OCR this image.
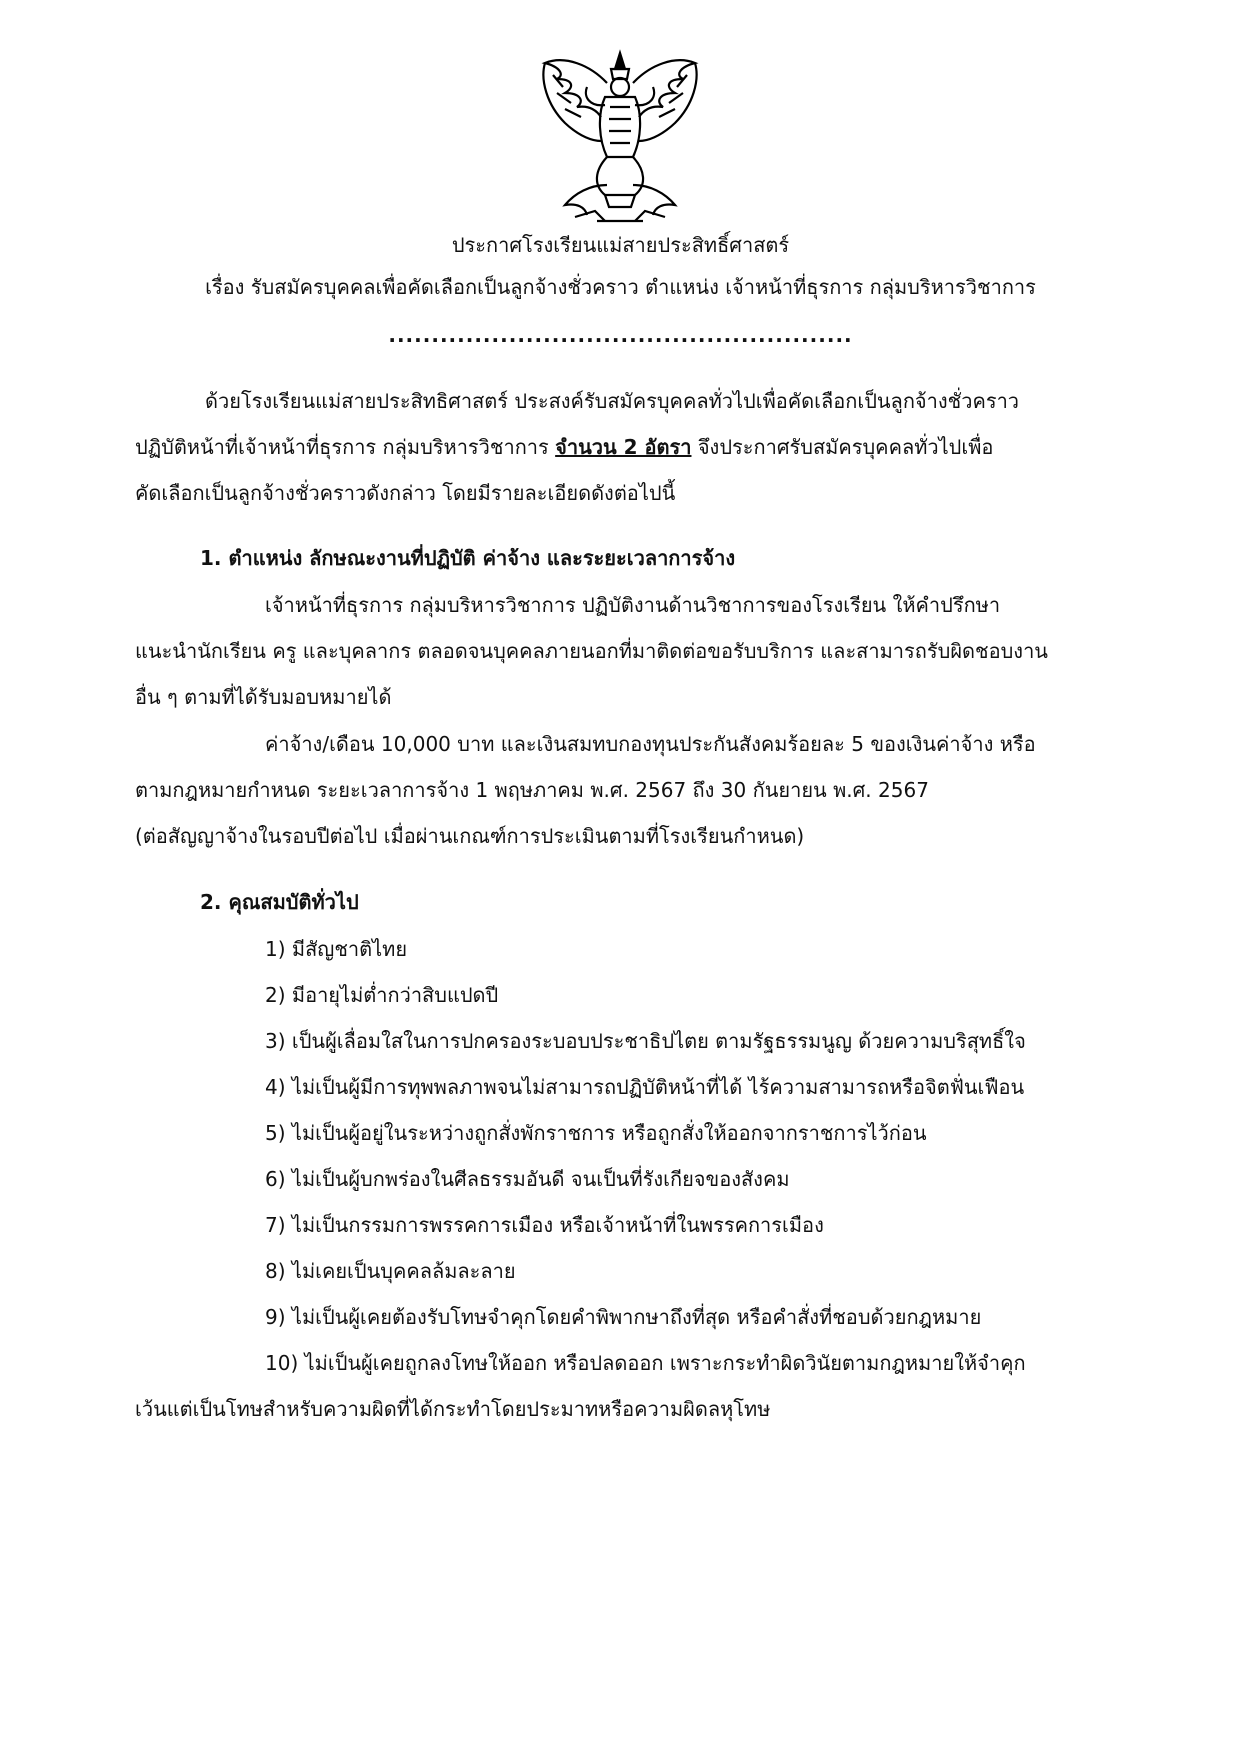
ประกาศโรงเรียนแม่สายประสิทธิ์ศาสตร์
เรื่อง รับสมัครบุคคลเพื่อคัดเลือกเป็นลูกจ้างชั่วคราว ตำแหน่ง เจ้าหน้าที่ธุรการ กลุ่มบริหารวิชาการ
......................................................
ด้วยโรงเรียนแม่สายประสิทธิศาสตร์ ประสงค์รับสมัครบุคคลทั่วไปเพื่อคัดเลือกเป็นลูกจ้างชั่วคราว
ปฏิบัติหน้าที่เจ้าหน้าที่ธุรการ กลุ่มบริหารวิชาการ จำนวน 2 อัตรา จึงประกาศรับสมัครบุคคลทั่วไปเพื่อ
คัดเลือกเป็นลูกจ้างชั่วคราวดังกล่าว โดยมีรายละเอียดดังต่อไปนี้
1. ตำแหน่ง ลักษณะงานที่ปฏิบัติ ค่าจ้าง และระยะเวลาการจ้าง
เจ้าหน้าที่ธุรการ กลุ่มบริหารวิชาการ ปฏิบัติงานด้านวิชาการของโรงเรียน ให้คำปรึกษา
แนะนำนักเรียน ครู และบุคลากร ตลอดจนบุคคลภายนอกที่มาติดต่อขอรับบริการ และสามารถรับผิดชอบงาน
อื่น ๆ ตามที่ได้รับมอบหมายได้
ค่าจ้าง/เดือน 10,000 บาท และเงินสมทบกองทุนประกันสังคมร้อยละ 5 ของเงินค่าจ้าง หรือ
ตามกฎหมายกำหนด ระยะเวลาการจ้าง 1 พฤษภาคม พ.ศ. 2567 ถึง 30 กันยายน พ.ศ. 2567
(ต่อสัญญาจ้างในรอบปีต่อไป เมื่อผ่านเกณฑ์การประเมินตามที่โรงเรียนกำหนด)
2. คุณสมบัติทั่วไป
1) มีสัญชาติไทย
2) มีอายุไม่ต่ำกว่าสิบแปดปี
3) เป็นผู้เลื่อมใสในการปกครองระบอบประชาธิปไตย ตามรัฐธรรมนูญ ด้วยความบริสุทธิ์ใจ
4) ไม่เป็นผู้มีการทุพพลภาพจนไม่สามารถปฏิบัติหน้าที่ได้ ไร้ความสามารถหรือจิตฟั่นเฟือน
5) ไม่เป็นผู้อยู่ในระหว่างถูกสั่งพักราชการ หรือถูกสั่งให้ออกจากราชการไว้ก่อน
6) ไม่เป็นผู้บกพร่องในศีลธรรมอันดี จนเป็นที่รังเกียจของสังคม
7) ไม่เป็นกรรมการพรรคการเมือง หรือเจ้าหน้าที่ในพรรคการเมือง
8) ไม่เคยเป็นบุคคลล้มละลาย
9) ไม่เป็นผู้เคยต้องรับโทษจำคุกโดยคำพิพากษาถึงที่สุด หรือคำสั่งที่ชอบด้วยกฎหมาย
10) ไม่เป็นผู้เคยถูกลงโทษให้ออก หรือปลดออก เพราะกระทำผิดวินัยตามกฎหมายให้จำคุก
เว้นแต่เป็นโทษสำหรับความผิดที่ได้กระทำโดยประมาทหรือความผิดลหุโทษ
